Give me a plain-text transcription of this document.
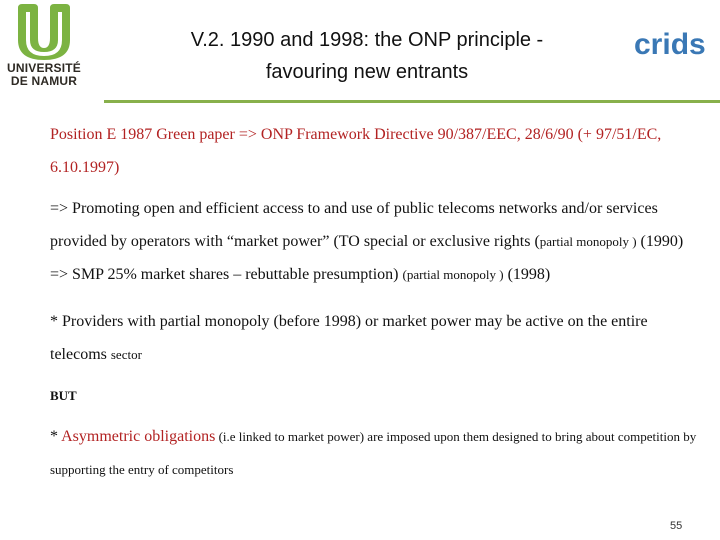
UNIVERSITÉ
DE NAMUR
V.2. 1990 and 1998: the ONP principle -
favouring new entrants
crids

Position E 1987 Green paper => ONP Framework Directive 90/387/EEC, 28/6/90 (+ 97/51/EC, 6.10.1997)

=> Promoting open and efficient access to and use of public telecoms networks and/or services provided by operators with “market power” (TO special or exclusive rights (partial monopoly ) (1990) => SMP 25% market shares – rebuttable presumption) (partial monopoly ) (1998)

* Providers with partial monopoly (before 1998) or market power may be active on the entire telecoms sector

BUT

* Asymmetric obligations (i.e linked to market power) are imposed upon them designed to bring about competition by supporting the entry of competitors

55
